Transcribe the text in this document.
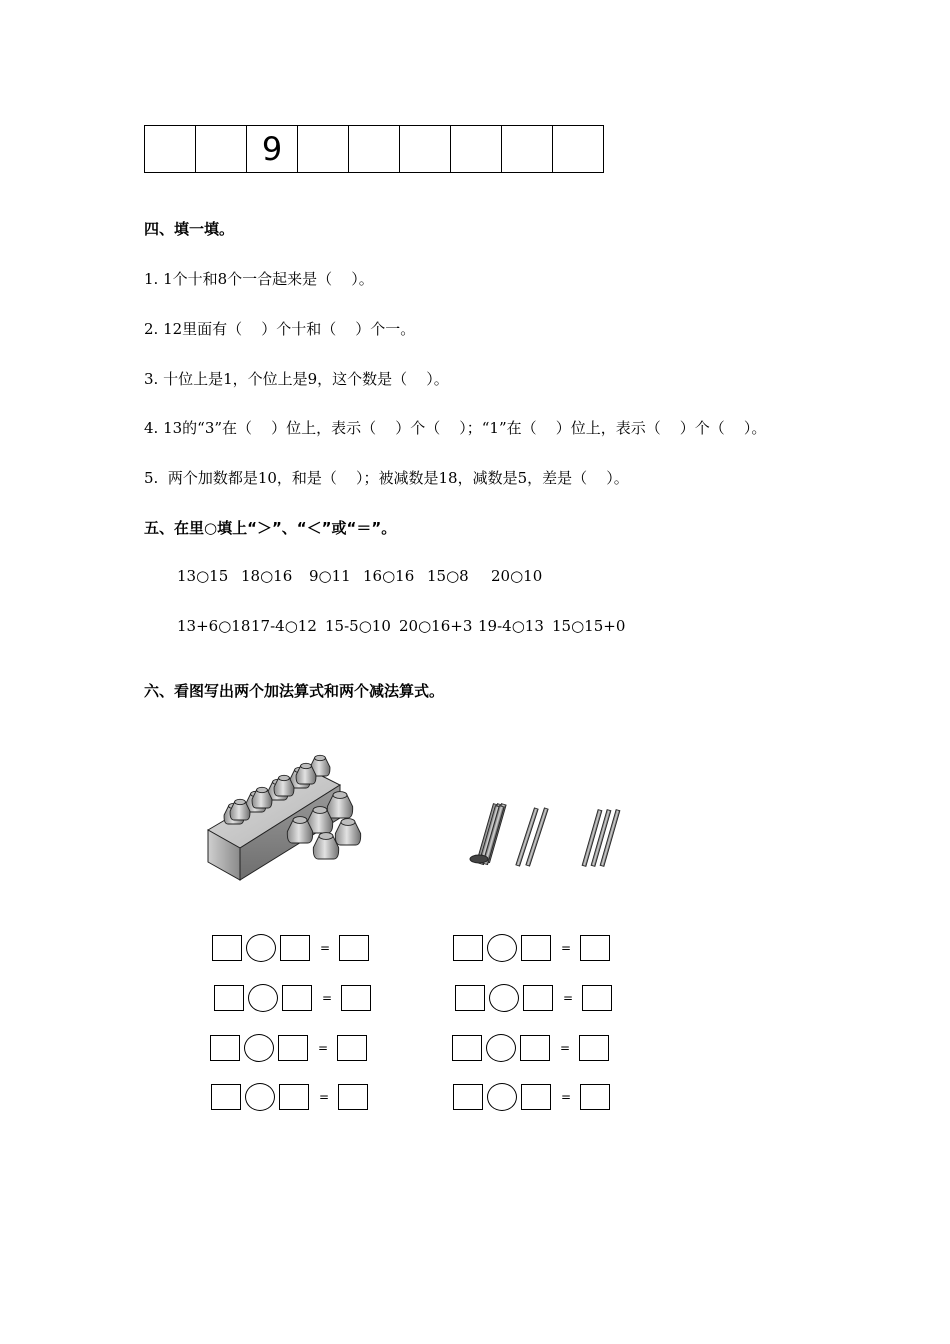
9
四、填一填。
1. 1个十和8个一合起来是（    ）。
2. 12里面有（    ）个十和（    ）个一。
3. 十位上是1，个位上是9，这个数是（    ）。
4. 13的“3”在（    ）位上，表示（    ）个（    ）；“1”在（    ）位上，表示（    ）个（    ）。
5.  两个加数都是10，和是（    ）；被减数是18，减数是5，差是（    ）。
五、在里○填上“＞”、“＜”或“＝”。
13○15 18○16 9○11 16○16 15○8 20○10
13+6○18 17-4○12 15-5○10 20○16+3 19-4○13 15○15+0
六、看图写出两个加法算式和两个减法算式。
=
=
=
=
=
=
=
=
